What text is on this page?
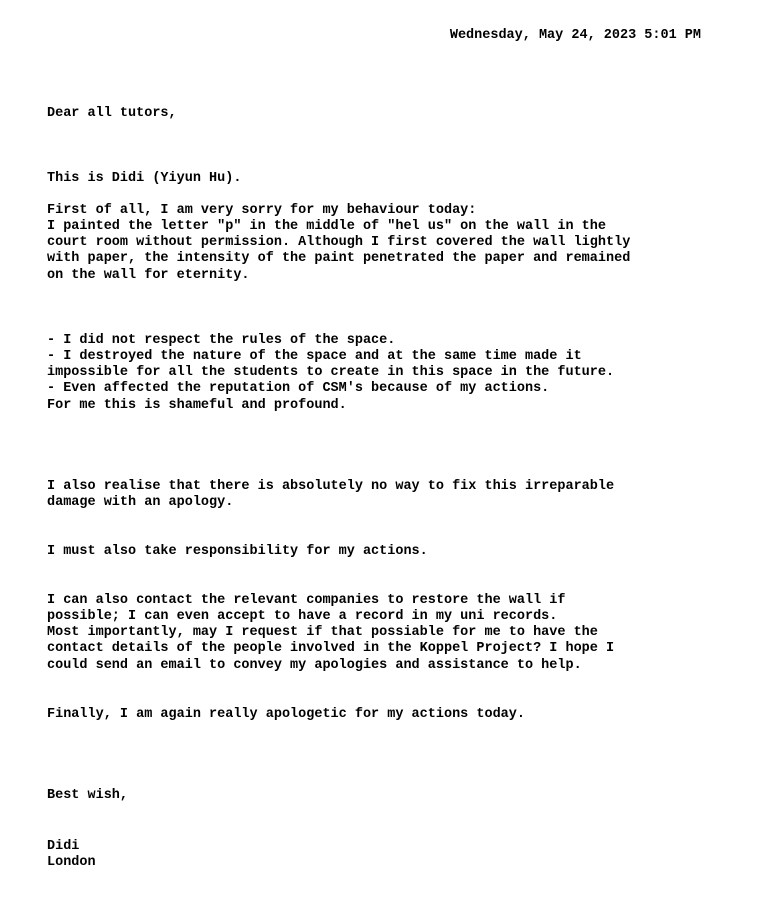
Wednesday, May 24, 2023 5:01 PM
Dear all tutors,
This is Didi (Yiyun Hu).
First of all, I am very sorry for my behaviour today:
I painted the letter "p" in the middle of "hel us" on the wall in the
court room without permission. Although I first covered the wall lightly
with paper, the intensity of the paint penetrated the paper and remained
on the wall for eternity.
- I did not respect the rules of the space.
- I destroyed the nature of the space and at the same time made it
impossible for all the students to create in this space in the future.
- Even affected the reputation of CSM's because of my actions.
For me this is shameful and profound.
I also realise that there is absolutely no way to fix this irreparable
damage with an apology.
I must also take responsibility for my actions.
I can also contact the relevant companies to restore the wall if
possible; I can even accept to have a record in my uni records.
Most importantly, may I request if that possiable for me to have the
contact details of the people involved in the Koppel Project? I hope I
could send an email to convey my apologies and assistance to help.
Finally, I am again really apologetic for my actions today.
Best wish,
Didi
London
